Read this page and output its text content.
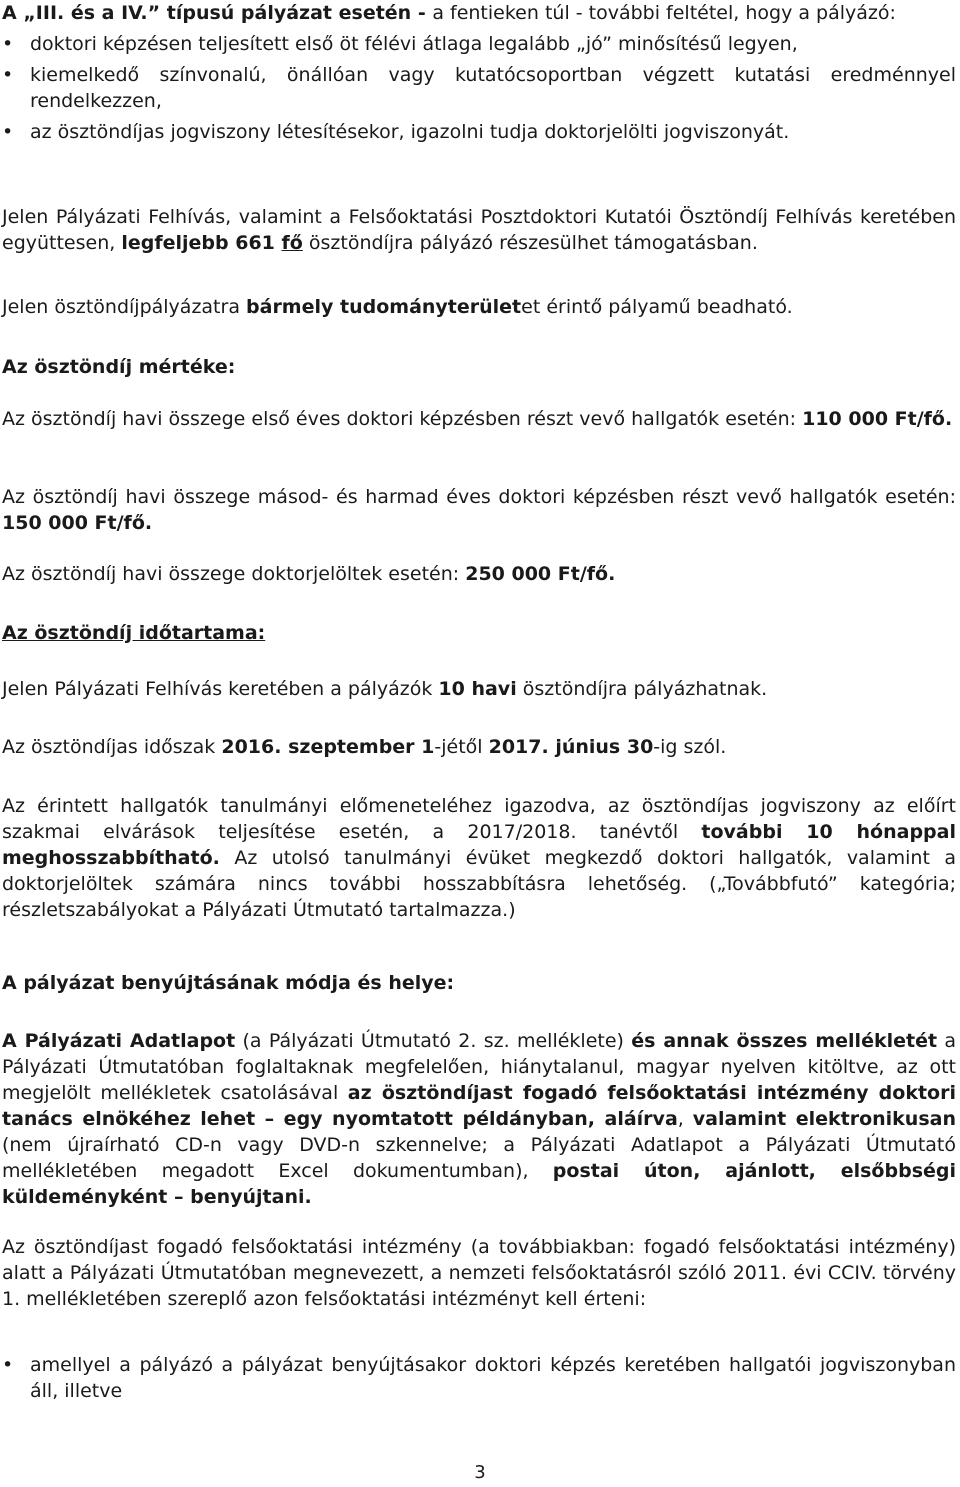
A „III. és a IV.” típusú pályázat esetén - a fentieken túl - további feltétel, hogy a pályázó:

• doktori képzésen teljesített első öt félévi átlaga legalább „jó” minősítésű legyen,
• kiemelkedő színvonalú, önállóan vagy kutatócsoportban végzett kutatási eredménnyel rendelkezzen,
• az ösztöndíjas jogviszony létesítésekor, igazolni tudja doktorjelölti jogviszonyát.

Jelen Pályázati Felhívás, valamint a Felsőoktatási Posztdoktori Kutatói Ösztöndíj Felhívás keretében együttesen, legfeljebb 661 fő ösztöndíjra pályázó részesülhet támogatásban.

Jelen ösztöndíjpályázatra bármely tudományterületet érintő pályamű beadható.

Az ösztöndíj mértéke:

Az ösztöndíj havi összege első éves doktori képzésben részt vevő hallgatók esetén: 110 000 Ft/fő.

Az ösztöndíj havi összege másod- és harmad éves doktori képzésben részt vevő hallgatók esetén: 150 000 Ft/fő.

Az ösztöndíj havi összege doktorjelöltek esetén: 250 000 Ft/fő.

Az ösztöndíj időtartama:

Jelen Pályázati Felhívás keretében a pályázók 10 havi ösztöndíjra pályázhatnak.

Az ösztöndíjas időszak 2016. szeptember 1-jétől 2017. június 30-ig szól.

Az érintett hallgatók tanulmányi előmeneteléhez igazodva, az ösztöndíjas jogviszony az előírt szakmai elvárások teljesítése esetén, a 2017/2018. tanévtől további 10 hónappal meghosszabbítható. Az utolsó tanulmányi évüket megkezdő doktori hallgatók, valamint a doktorjelöltek számára nincs további hosszabbításra lehetőség. („Továbbfutó” kategória; részletszabályokat a Pályázati Útmutató tartalmazza.)

A pályázat benyújtásának módja és helye:

A Pályázati Adatlapot (a Pályázati Útmutató 2. sz. melléklete) és annak összes mellékletét a Pályázati Útmutatóban foglaltaknak megfelelően, hiánytalanul, magyar nyelven kitöltve, az ott megjelölt mellékletek csatolásával az ösztöndíjast fogadó felsőoktatási intézmény doktori tanács elnökéhez lehet – egy nyomtatott példányban, aláírva, valamint elektronikusan (nem újraírható CD-n vagy DVD-n szkennelve; a Pályázati Adatlapot a Pályázati Útmutató mellékletében megadott Excel dokumentumban), postai úton, ajánlott, elsőbbségi küldeményként – benyújtani.

Az ösztöndíjast fogadó felsőoktatási intézmény (a továbbiakban: fogadó felsőoktatási intézmény) alatt a Pályázati Útmutatóban megnevezett, a nemzeti felsőoktatásról szóló 2011. évi CCIV. törvény 1. mellékletében szereplő azon felsőoktatási intézményt kell érteni:

• amellyel a pályázó a pályázat benyújtásakor doktori képzés keretében hallgatói jogviszonyban áll, illetve
3
